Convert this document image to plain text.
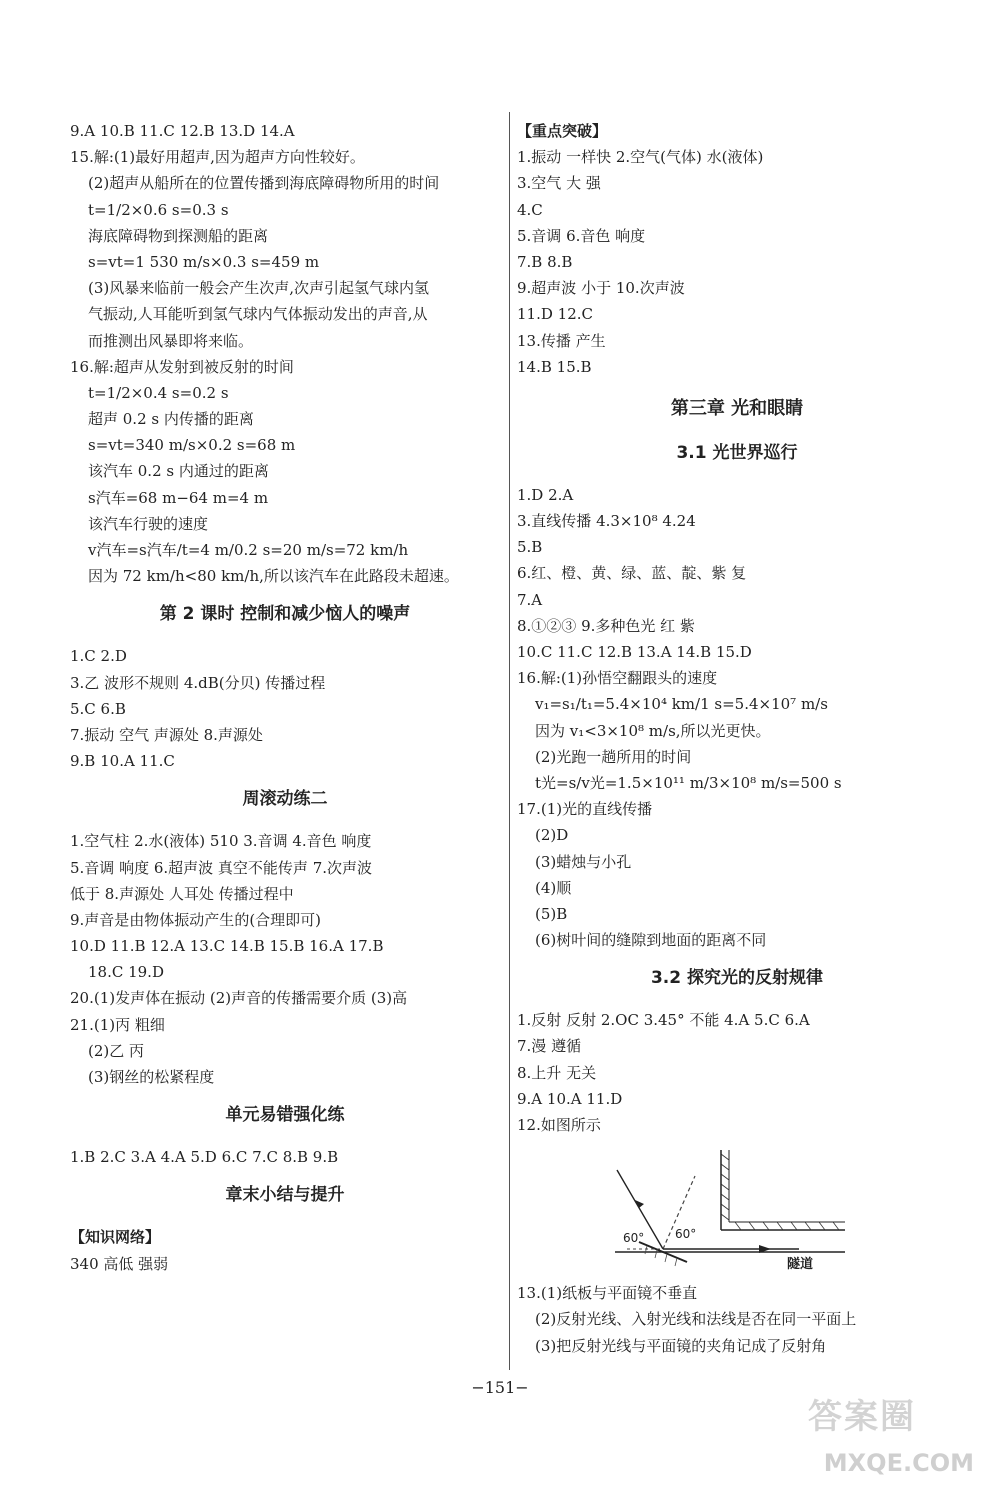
9.A 10.B 11.C 12.B 13.D 14.A
15.解:(1)最好用超声,因为超声方向性较好。
(2)超声从船所在的位置传播到海底障碍物所用的时间
t=1/2×0.6 s=0.3 s
海底障碍物到探测船的距离
s=vt=1 530 m/s×0.3 s=459 m
(3)风暴来临前一般会产生次声,次声引起氢气球内氢
气振动,人耳能听到氢气球内气体振动发出的声音,从
而推测出风暴即将来临。
16.解:超声从发射到被反射的时间
t=1/2×0.4 s=0.2 s
超声 0.2 s 内传播的距离
s=vt=340 m/s×0.2 s=68 m
该汽车 0.2 s 内通过的距离
s汽车=68 m−64 m=4 m
该汽车行驶的速度
v汽车=s汽车/t=4 m/0.2 s=20 m/s=72 km/h
因为 72 km/h<80 km/h,所以该汽车在此路段未超速。
第 2 课时 控制和减少恼人的噪声
1.C 2.D
3.乙 波形不规则 4.dB(分贝) 传播过程
5.C 6.B
7.振动 空气 声源处 8.声源处
9.B 10.A 11.C
周滚动练二
1.空气柱 2.水(液体) 510 3.音调 4.音色 响度
5.音调 响度 6.超声波 真空不能传声 7.次声波
低于 8.声源处 人耳处 传播过程中
9.声音是由物体振动产生的(合理即可)
10.D 11.B 12.A 13.C 14.B 15.B 16.A 17.B
18.C 19.D
20.(1)发声体在振动 (2)声音的传播需要介质 (3)高
21.(1)丙 粗细
(2)乙 丙
(3)钢丝的松紧程度
单元易错强化练
1.B 2.C 3.A 4.A 5.D 6.C 7.C 8.B 9.B
章末小结与提升
【知识网络】
340 高低 强弱
【重点突破】
1.振动 一样快 2.空气(气体) 水(液体)
3.空气 大 强
4.C
5.音调 6.音色 响度
7.B 8.B
9.超声波 小于 10.次声波
11.D 12.C
13.传播 产生
14.B 15.B
第三章 光和眼睛
3.1 光世界巡行
1.D 2.A
3.直线传播 4.3×10⁸ 4.24
5.B
6.红、橙、黄、绿、蓝、靛、紫 复
7.A
8.①②③ 9.多种色光 红 紫
10.C 11.C 12.B 13.A 14.B 15.D
16.解:(1)孙悟空翻跟头的速度
v₁=s₁/t₁=5.4×10⁴ km/1 s=5.4×10⁷ m/s
因为 v₁<3×10⁸ m/s,所以光更快。
(2)光跑一趟所用的时间
t光=s/v光=1.5×10¹¹ m/3×10⁸ m/s=500 s
17.(1)光的直线传播
(2)D
(3)蜡烛与小孔
(4)顺
(5)B
(6)树叶间的缝隙到地面的距离不同
3.2 探究光的反射规律
1.反射 反射 2.OC 3.45° 不能 4.A 5.C 6.A
7.漫 遵循
8.上升 无关
9.A 10.A 11.D
12.如图所示
60°	60°
隧道
13.(1)纸板与平面镜不垂直
(2)反射光线、入射光线和法线是否在同一平面上
(3)把反射光线与平面镜的夹角记成了反射角
−151−
答案圈
MXQE.COM
